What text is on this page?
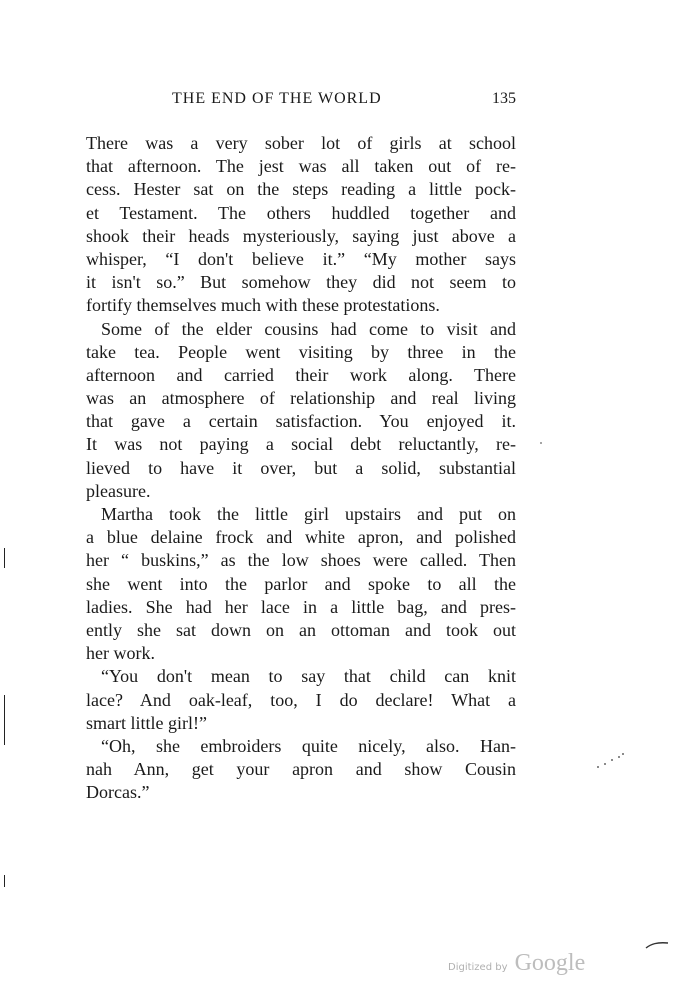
THE END OF THE WORLD	135
There was a very sober lot of girls at school
that afternoon. The jest was all taken out of re-
cess. Hester sat on the steps reading a little pock-
et Testament. The others huddled together and
shook their heads mysteriously, saying just above a
whisper, “I don't believe it.” “My mother says
it isn't so.” But somehow they did not seem to
fortify themselves much with these protestations.
Some of the elder cousins had come to visit and
take tea. People went visiting by three in the
afternoon and carried their work along. There
was an atmosphere of relationship and real living
that gave a certain satisfaction. You enjoyed it.
It was not paying a social debt reluctantly, re-
lieved to have it over, but a solid, substantial
pleasure.
Martha took the little girl upstairs and put on
a blue delaine frock and white apron, and polished
her “ buskins,” as the low shoes were called. Then
she went into the parlor and spoke to all the
ladies. She had her lace in a little bag, and pres-
ently she sat down on an ottoman and took out
her work.
“You don't mean to say that child can knit
lace? And oak-leaf, too, I do declare! What a
smart little girl!”
“Oh, she embroiders quite nicely, also. Han-
nah Ann, get your apron and show Cousin
Dorcas.”
Digitized by Google
